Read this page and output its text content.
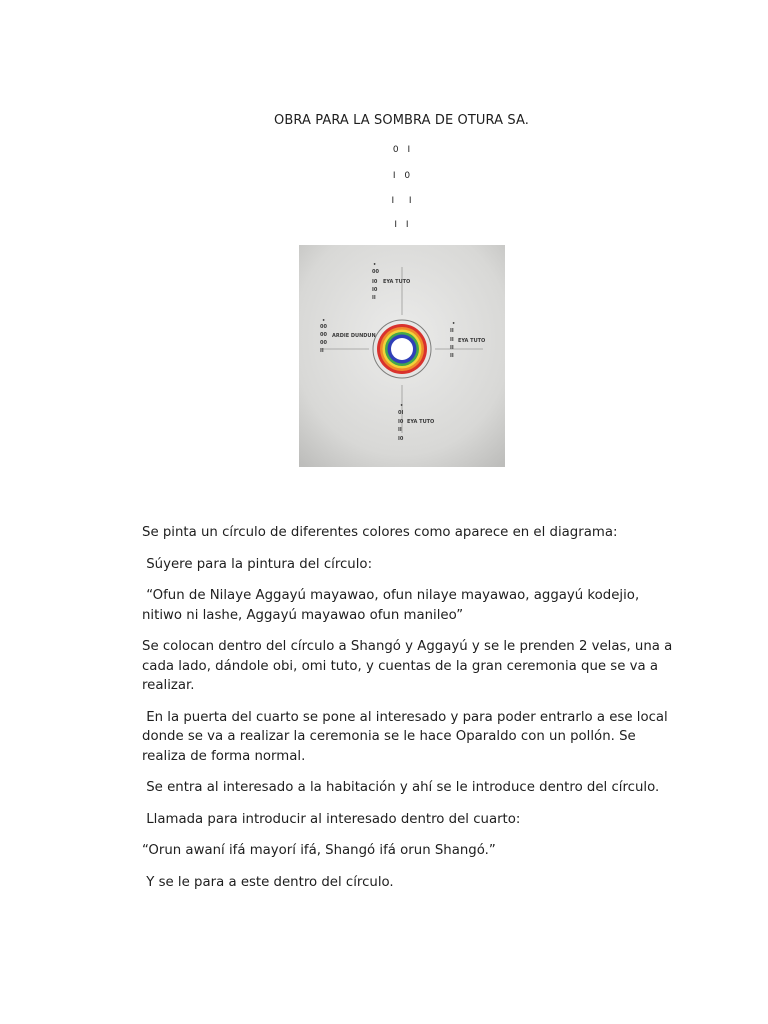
OBRA PARA LA SOMBRA DE OTURA SA.
0 I
I 0
I  I
I I
•
00
I0
I0
II
EYA TUTO
•
00
00
00
II
ARDIE DUNDUN
•
II
II
II
II
EYA TUTO
•
0I
I0
II
I0
EYA TUTO

Se pinta un círculo de diferentes colores como aparece en el diagrama:

Súyere para la pintura del círculo:

“Ofun de Nilaye Aggayú mayawao, ofun nilaye mayawao, aggayú kodejio, nitiwo ni lashe, Aggayú mayawao ofun manileo”

Se colocan dentro del círculo a Shangó y Aggayú y se le prenden 2 velas, una a cada lado, dándole obi, omi tuto, y cuentas de la gran ceremonia que se va a realizar.

En la puerta del cuarto se pone al interesado y para poder entrarlo a ese local donde se va a realizar la ceremonia se le hace Oparaldo con un pollón. Se realiza de forma normal.

Se entra al interesado a la habitación y ahí se le introduce dentro del círculo.

Llamada para introducir al interesado dentro del cuarto:

“Orun awaní ifá mayorí ifá, Shangó ifá orun Shangó.”

Y se le para a este dentro del círculo.
